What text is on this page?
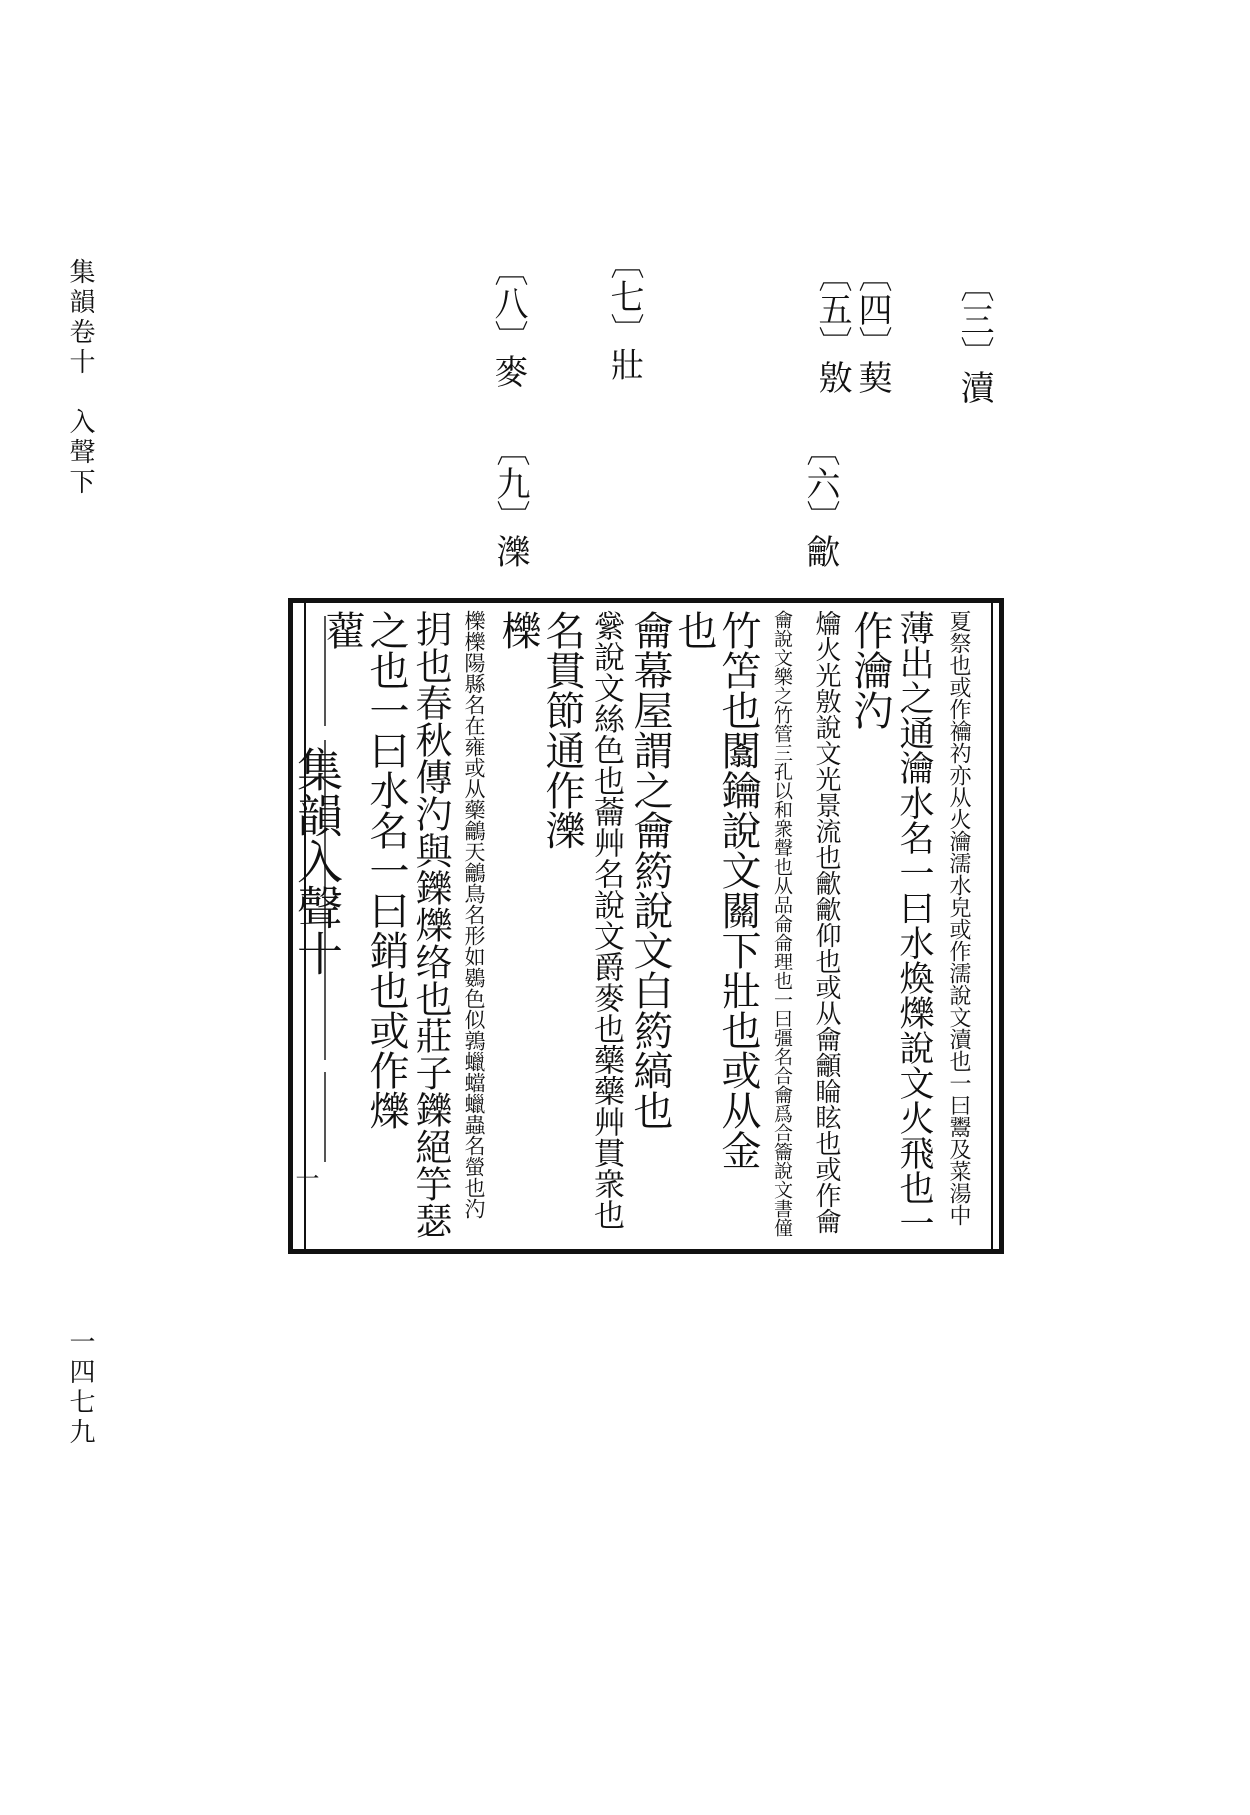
集韻卷十　入聲下
一四七九
〔三〕瀆
〔四〕葜
〔五〕敫
〔六〕龡
〔七〕壯
〔八〕麥
〔九〕濼
集韻入聲十
一	夏祭也或作禴礿亦从火瀹濡水皃或作濡說文瀆也一曰鬻及菜湯中
薄出之通瀹水名一曰水煥爍說文火飛也一
作瀹汋
爚火光敫說文光景流也龡龡仰也或从龠龥睔眩也或作龠
龠說文樂之竹管三孔以和衆聲也从品侖侖理也一曰彊名合龠爲合籥說文書僮
竹笘也闟鑰說文關下壯也或从金
也
龠幕屋謂之龠箹說文白箹縞也
繠說文絲色也蘥艸名說文爵麥也藥藥艸貫衆也
名貫節通作濼
櫟
櫟櫟陽縣名在雍或从藥鸙天鸙鳥名形如鷃色似鶉蠟蟷蠟蟲名螢也汋
抈也春秋傳汋與鑠爍络也莊子鑠絕竽瑟
之也一曰水名一曰銷也或作爍
藋
